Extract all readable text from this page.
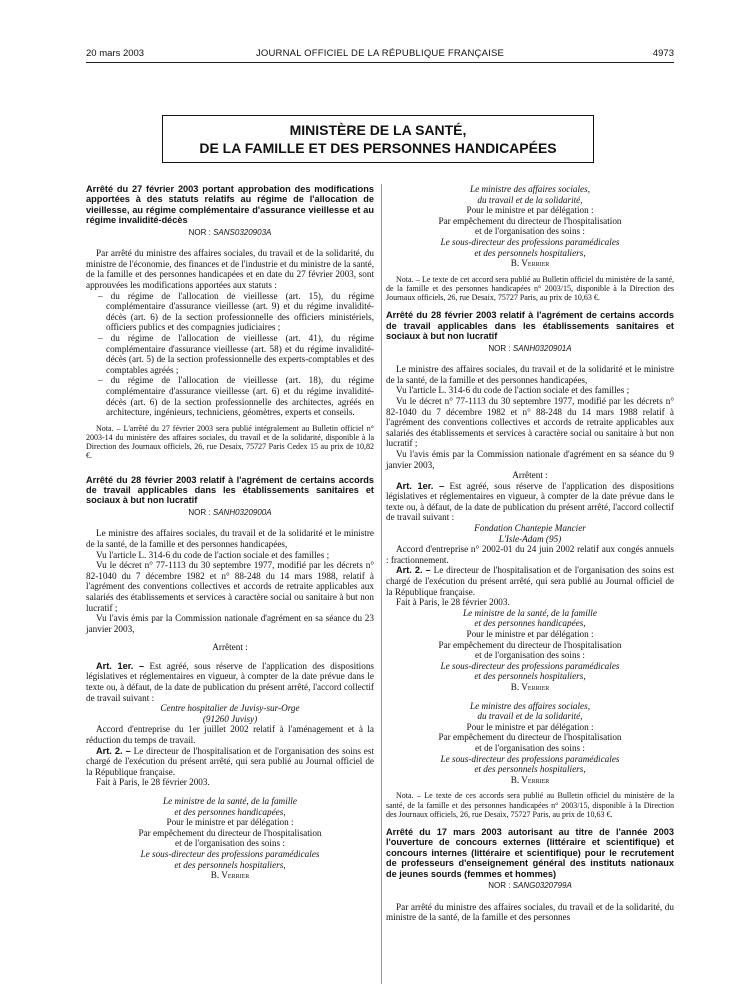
20 mars 2003	JOURNAL OFFICIEL DE LA RÉPUBLIQUE FRANÇAISE	4973
MINISTÈRE DE LA SANTÉ,
DE LA FAMILLE ET DES PERSONNES HANDICAPÉES

Arrêté du 27 février 2003 portant approbation des modifications apportées à des statuts relatifs au régime de l'allocation de vieillesse, au régime complémentaire d'assurance vieillesse et au régime invalidité-décès

NOR : SANS0320903A

Par arrêté du ministre des affaires sociales, du travail et de la solidarité, du ministre de l'économie, des finances et de l'industrie et du ministre de la santé, de la famille et des personnes handicapées et en date du 27 février 2003, sont approuvées les modifications apportées aux statuts :

– du régime de l'allocation de vieillesse (art. 15), du régime complémentaire d'assurance vieillesse (art. 9) et du régime invalidité-décès (art. 6) de la section professionnelle des officiers ministériels, officiers publics et des compagnies judiciaires ;
– du régime de l'allocation de vieillesse (art. 41), du régime complémentaire d'assurance vieillesse (art. 58) et du régime invalidité-décès (art. 5) de la section professionnelle des experts-comptables et des comptables agréés ;
– du régime de l'allocation de vieillesse (art. 18), du régime complémentaire d'assurance vieillesse (art. 6) et du régime invalidité-décès (art. 6) de la section professionnelle des architectes, agréés en architecture, ingénieurs, techniciens, géomètres, experts et conseils.

Nota. – L'arrêté du 27 février 2003 sera publié intégralement au Bulletin officiel n° 2003-14 du ministère des affaires sociales, du travail et de la solidarité, disponible à la Direction des Journaux officiels, 26, rue Desaix, 75727 Paris Cedex 15 au prix de 10,82 €.

Arrêté du 28 février 2003 relatif à l'agrément de certains accords de travail applicables dans les établissements sanitaires et sociaux à but non lucratif

NOR : SANH0320900A

Le ministre des affaires sociales, du travail et de la solidarité et le ministre de la santé, de la famille et des personnes handicapées,

Vu l'article L. 314-6 du code de l'action sociale et des familles ;

Vu le décret n° 77-1113 du 30 septembre 1977, modifié par les décrets n° 82-1040 du 7 décembre 1982 et n° 88-248 du 14 mars 1988, relatif à l'agrément des conventions collectives et accords de retraite applicables aux salariés des établissements et services à caractère social ou sanitaire à but non lucratif ;

Vu l'avis émis par la Commission nationale d'agrément en sa séance du 23 janvier 2003,

Arrêtent :

Art. 1er. – Est agréé, sous réserve de l'application des dispositions législatives et réglementaires en vigueur, à compter de la date prévue dans le texte ou, à défaut, de la date de publication du présent arrêté, l'accord collectif de travail suivant :

Centre hospitalier de Juvisy-sur-Orge

(91260 Juvisy)

Accord d'entreprise du 1er juillet 2002 relatif à l'aménagement et à la réduction du temps de travail.

Art. 2. – Le directeur de l'hospitalisation et de l'organisation des soins est chargé de l'exécution du présent arrêté, qui sera publié au Journal officiel de la République française.

Fait à Paris, le 28 février 2003.

Le ministre de la santé, de la famille

et des personnes handicapées,

Pour le ministre et par délégation :

Par empêchement du directeur de l'hospitalisation

et de l'organisation des soins :

Le sous-directeur des professions paramédicales

et des personnels hospitaliers,

B. Verrier

Le ministre des affaires sociales,

du travail et de la solidarité,

Pour le ministre et par délégation :

Par empêchement du directeur de l'hospitalisation

et de l'organisation des soins :

Le sous-directeur des professions paramédicales

et des personnels hospitaliers,

B. Verrier

Nota. – Le texte de cet accord sera publié au Bulletin officiel du ministère de la santé, de la famille et des personnes handicapées n° 2003/15, disponible à la Direction des Journaux officiels, 26, rue Desaix, 75727 Paris, au prix de 10,63 €.

Arrêté du 28 février 2003 relatif à l'agrément de certains accords de travail applicables dans les établissements sanitaires et sociaux à but non lucratif

NOR : SANH0320901A

Le ministre des affaires sociales, du travail et de la solidarité et le ministre de la santé, de la famille et des personnes handicapées,

Vu l'article L. 314-6 du code de l'action sociale et des familles ;

Vu le décret n° 77-1113 du 30 septembre 1977, modifié par les décrets n° 82-1040 du 7 décembre 1982 et n° 88-248 du 14 mars 1988 relatif à l'agrément des conventions collectives et accords de retraite applicables aux salariés des établissements et services à caractère social ou sanitaire à but non lucratif ;

Vu l'avis émis par la Commission nationale d'agrément en sa séance du 9 janvier 2003,

Arrêtent :

Art. 1er. – Est agréé, sous réserve de l'application des dispositions législatives et réglementaires en vigueur, à compter de la date prévue dans le texte ou, à défaut, de la date de publication du présent arrêté, l'accord collectif de travail suivant :

Fondation Chantepie Mancier

L'Isle-Adam (95)

Accord d'entreprise n° 2002-01 du 24 juin 2002 relatif aux congés annuels : fractionnement.

Art. 2. – Le directeur de l'hospitalisation et de l'organisation des soins est chargé de l'exécution du présent arrêté, qui sera publié au Journal officiel de la République française.

Fait à Paris, le 28 février 2003.

Le ministre de la santé, de la famille

et des personnes handicapées,

Pour le ministre et par délégation :

Par empêchement du directeur de l'hospitalisation

et de l'organisation des soins :

Le sous-directeur des professions paramédicales

et des personnels hospitaliers,

B. Verrier

Le ministre des affaires sociales,

du travail et de la solidarité,

Pour le ministre et par délégation :

Par empêchement du directeur de l'hospitalisation

et de l'organisation des soins :

Le sous-directeur des professions paramédicales

et des personnels hospitaliers,

B. Verrier

Nota. – Le texte de ces accords sera publié au Bulletin officiel du ministère de la santé, de la famille et des personnes handicapées n° 2003/15, disponible à la Direction des Journaux officiels, 26, rue Desaix, 75727 Paris, au prix de 10,63 €.

Arrêté du 17 mars 2003 autorisant au titre de l'année 2003 l'ouverture de concours externes (littéraire et scientifique) et concours internes (littéraire et scientifique) pour le recrutement de professeurs d'enseignement général des instituts nationaux de jeunes sourds (femmes et hommes)

NOR : SANG0320799A

Par arrêté du ministre des affaires sociales, du travail et de la solidarité, du ministre de la santé, de la famille et des personnes
